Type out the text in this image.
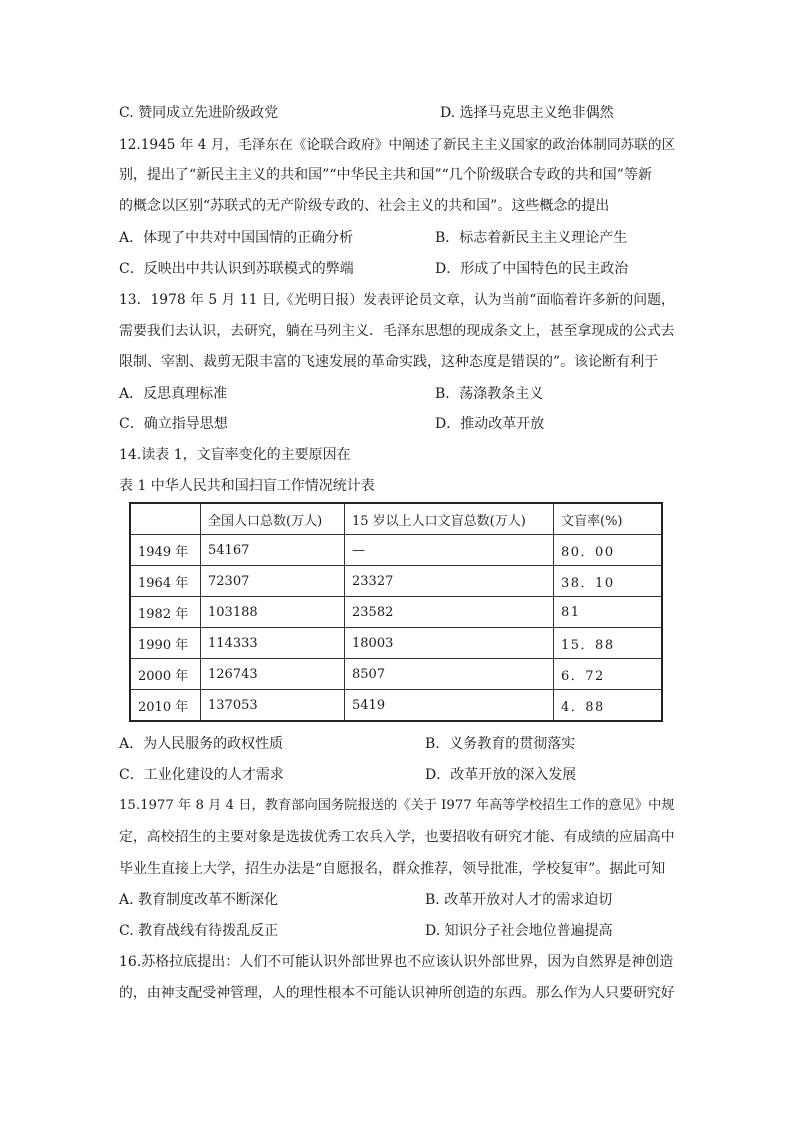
C. 赞同成立先进阶级政党	D. 选择马克思主义绝非偶然
12.1945 年 4 月，毛泽东在《论联合政府》中阐述了新民主主义国家的政治体制同苏联的区
别，提出了“新民主主义的共和国”“中华民主共和国”“几个阶级联合专政的共和国”等新
的概念以区别“苏联式的无产阶级专政的、社会主义的共和国”。这些概念的提出
A．体现了中共对中国国情的正确分析	B．标志着新民主主义理论产生
C．反映出中共认识到苏联模式的弊端	D．形成了中国特色的民主政治
13．1978 年 5 月 11 日,《光明日报）发表评论员文章，认为当前“面临着许多新的问题，
需要我们去认识，去研究，躺在马列主义．毛泽东思想的现成条文上，甚至拿现成的公式去
限制、宰割、裁剪无限丰富的飞速发展的革命实践，这种态度是错误的”。该论断有利于
A．反思真理标准	B．荡涤教条主义
C．确立指导思想	D．推动改革开放
14.读表 1，文盲率变化的主要原因在
表 1 中华人民共和国扫盲工作情况统计表
	全国人口总数(万人)	15 岁以上人口文盲总数(万人)	文盲率(%)
1949 年	54167	—	80．00
1964 年	72307	23327	38．10
1982 年	103188	23582	81
1990 年	114333	18003	15．88
2000 年	126743	8507	6．72
2010 年	137053	5419	4．88
A．为人民服务的政权性质	B．义务教育的贯彻落实
C．工业化建设的人才需求	D．改革开放的深入发展
15.1977 年 8 月 4 日，教育部向国务院报送的《关于 I977 年高等学校招生工作的意见》中规
定，高校招生的主要对象是选拔优秀工农兵入学，也要招收有研究才能、有成绩的应届高中
毕业生直接上大学，招生办法是“自愿报名，群众推荐，领导批准，学校复审”。据此可知
A. 教育制度改革不断深化	B. 改革开放对人才的需求迫切
C. 教育战线有待拨乱反正	D. 知识分子社会地位普遍提高
16.苏格拉底提出：人们不可能认识外部世界也不应该认识外部世界，因为自然界是神创造
的，由神支配受神管理，人的理性根本不可能认识神所创造的东西。那么作为人只要研究好
